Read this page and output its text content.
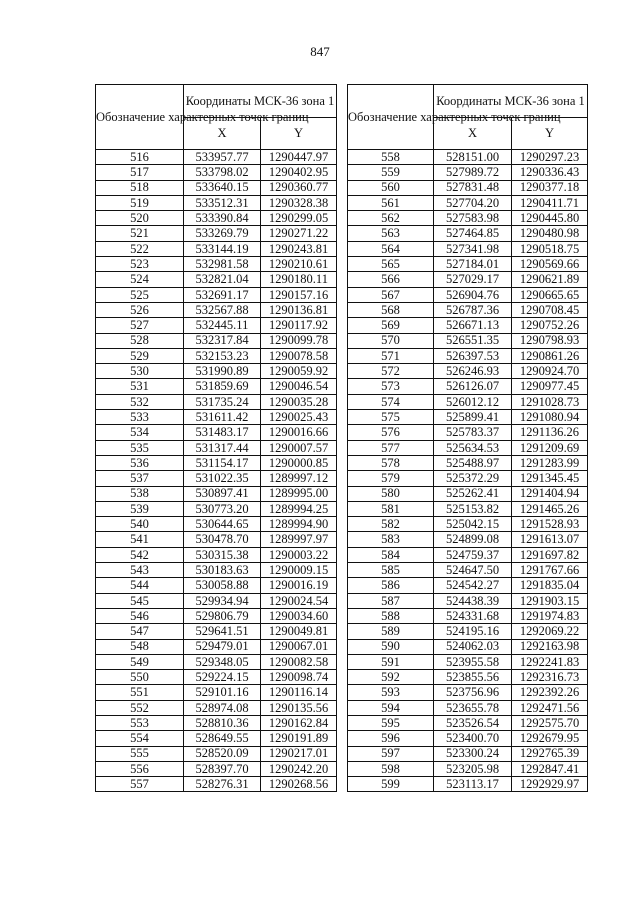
847
Обозначение характерных точек границ	Координаты МСК-36 зона 1	
	X	Y
516	533957.77	1290447.97
517	533798.02	1290402.95
518	533640.15	1290360.77
519	533512.31	1290328.38
520	533390.84	1290299.05
521	533269.79	1290271.22
522	533144.19	1290243.81
523	532981.58	1290210.61
524	532821.04	1290180.11
525	532691.17	1290157.16
526	532567.88	1290136.81
527	532445.11	1290117.92
528	532317.84	1290099.78
529	532153.23	1290078.58
530	531990.89	1290059.92
531	531859.69	1290046.54
532	531735.24	1290035.28
533	531611.42	1290025.43
534	531483.17	1290016.66
535	531317.44	1290007.57
536	531154.17	1290000.85
537	531022.35	1289997.12
538	530897.41	1289995.00
539	530773.20	1289994.25
540	530644.65	1289994.90
541	530478.70	1289997.97
542	530315.38	1290003.22
543	530183.63	1290009.15
544	530058.88	1290016.19
545	529934.94	1290024.54
546	529806.79	1290034.60
547	529641.51	1290049.81
548	529479.01	1290067.01
549	529348.05	1290082.58
550	529224.15	1290098.74
551	529101.16	1290116.14
552	528974.08	1290135.56
553	528810.36	1290162.84
554	528649.55	1290191.89
555	528520.09	1290217.01
556	528397.70	1290242.20
557	528276.31	1290268.56
Обозначение характерных точек границ	Координаты МСК-36 зона 1	
	X	Y
558	528151.00	1290297.23
559	527989.72	1290336.43
560	527831.48	1290377.18
561	527704.20	1290411.71
562	527583.98	1290445.80
563	527464.85	1290480.98
564	527341.98	1290518.75
565	527184.01	1290569.66
566	527029.17	1290621.89
567	526904.76	1290665.65
568	526787.36	1290708.45
569	526671.13	1290752.26
570	526551.35	1290798.93
571	526397.53	1290861.26
572	526246.93	1290924.70
573	526126.07	1290977.45
574	526012.12	1291028.73
575	525899.41	1291080.94
576	525783.37	1291136.26
577	525634.53	1291209.69
578	525488.97	1291283.99
579	525372.29	1291345.45
580	525262.41	1291404.94
581	525153.82	1291465.26
582	525042.15	1291528.93
583	524899.08	1291613.07
584	524759.37	1291697.82
585	524647.50	1291767.66
586	524542.27	1291835.04
587	524438.39	1291903.15
588	524331.68	1291974.83
589	524195.16	1292069.22
590	524062.03	1292163.98
591	523955.58	1292241.83
592	523855.56	1292316.73
593	523756.96	1292392.26
594	523655.78	1292471.56
595	523526.54	1292575.70
596	523400.70	1292679.95
597	523300.24	1292765.39
598	523205.98	1292847.41
599	523113.17	1292929.97
